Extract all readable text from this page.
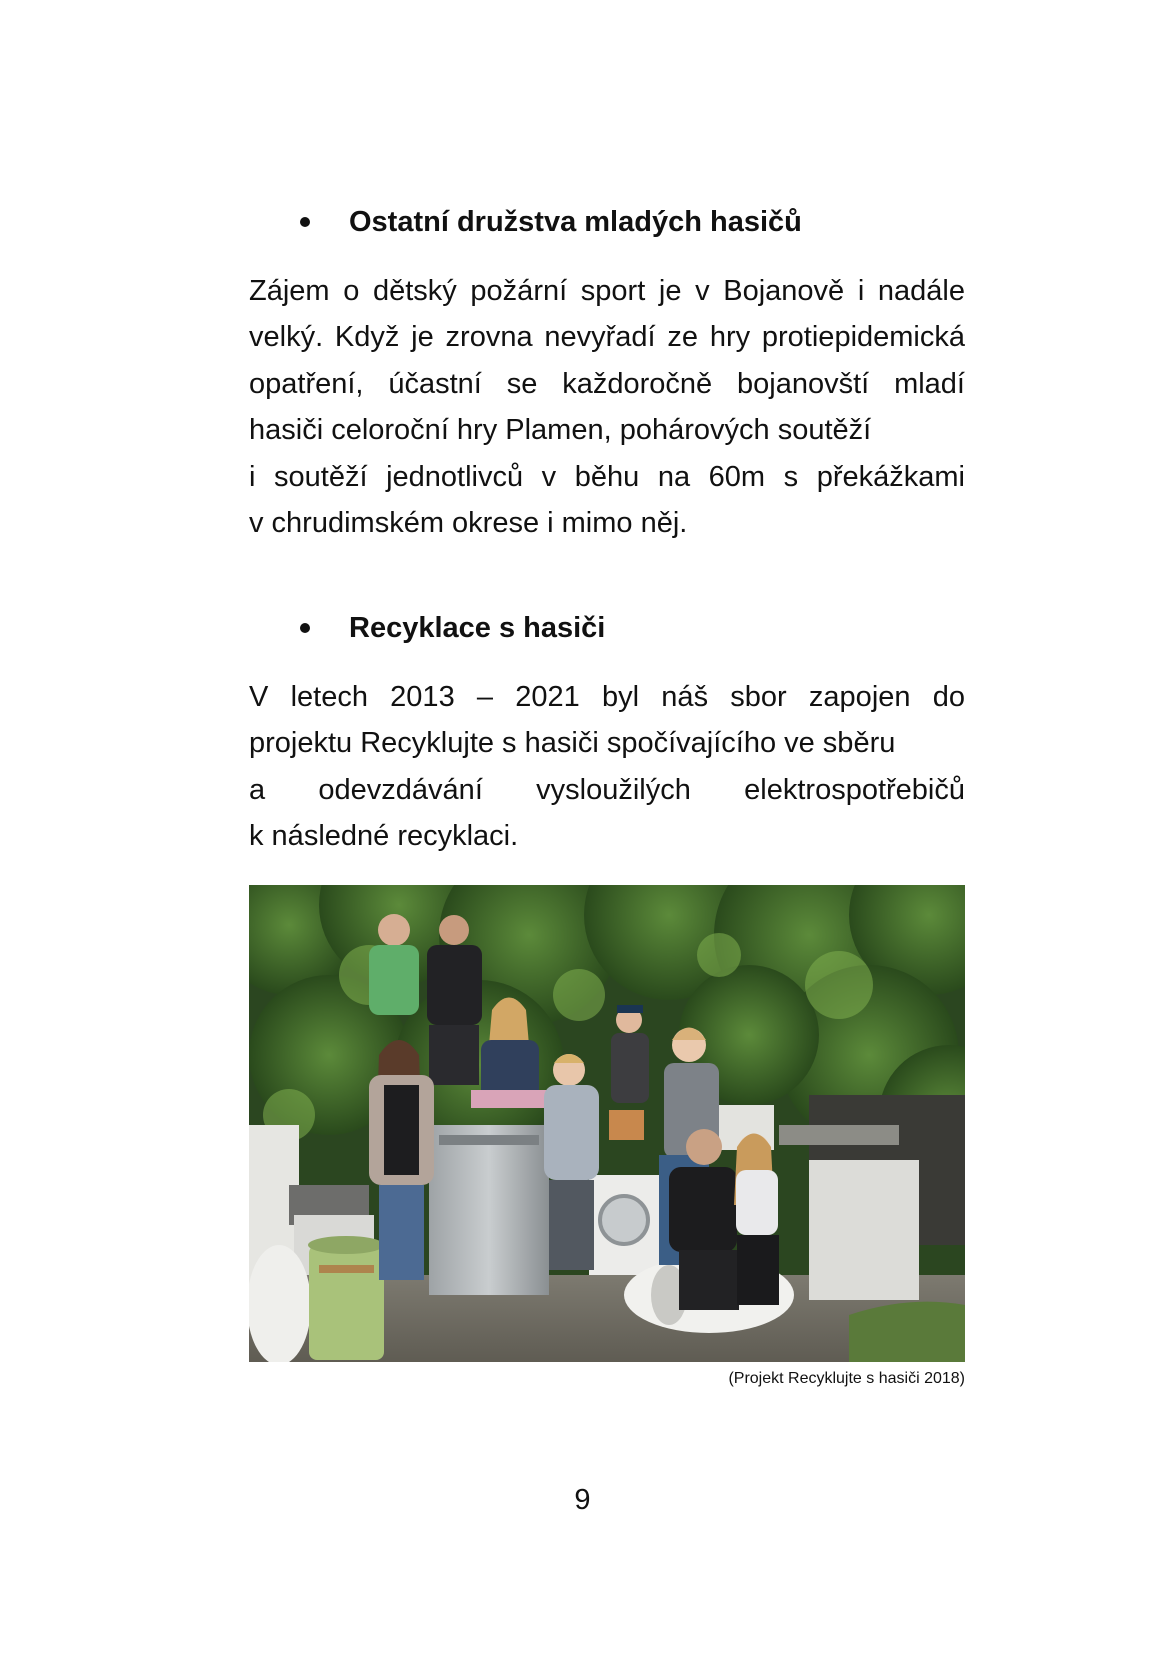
Ostatní družstva mladých hasičů
Zájem o dětský požární sport je v Bojanově i nadále
velký. Když je zrovna nevyřadí ze hry protiepidemická
opatření, účastní se každoročně bojanovští mladí
hasiči celoroční hry Plamen, pohárových soutěží
i soutěží jednotlivců v běhu na 60m s překážkami
v chrudimském okrese i mimo něj.
Recyklace s hasiči
V letech 2013 – 2021 byl náš sbor zapojen do
projektu Recyklujte s hasiči spočívajícího ve sběru
a odevzdávání vysloužilých elektrospotřebičů
k následné recyklaci.
(Projekt Recyklujte s hasiči 2018)
9
